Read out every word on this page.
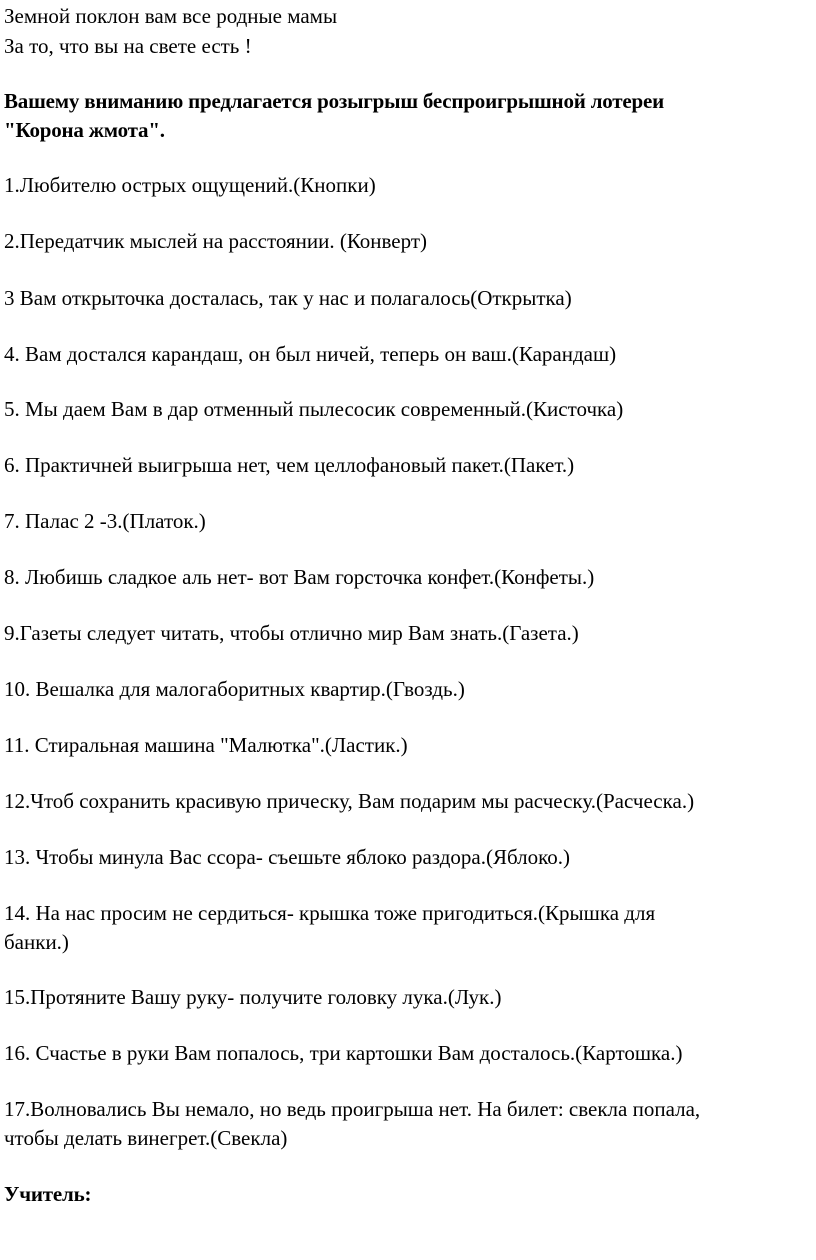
Земной поклон вам все родные мамы
За то, что вы на свете есть !
Вашему вниманию предлагается розыгрыш беспроигрышной лотереи
"Корона жмота".
1.Любителю острых ощущений.(Кнопки)
2.Передатчик мыслей на расстоянии. (Конверт)
3 Вам открыточка досталась, так у нас и полагалось(Открытка)
4. Вам достался карандаш, он был ничей, теперь он ваш.(Карандаш)
5. Мы даем Вам в дар отменный пылесосик современный.(Кисточка)
6. Практичней выигрыша нет, чем целлофановый пакет.(Пакет.)
7. Палас 2 -3.(Платок.)
8. Любишь сладкое аль нет- вот Вам горсточка конфет.(Конфеты.)
9.Газеты следует читать, чтобы отлично мир Вам знать.(Газета.)
10. Вешалка для малогаборитных квартир.(Гвоздь.)
11. Стиральная машина "Малютка".(Ластик.)
12.Чтоб сохранить красивую прическу, Вам подарим мы расческу.(Расческа.)
13. Чтобы минула Вас ссора- съешьте яблоко раздора.(Яблоко.)
14. На нас просим не сердиться- крышка тоже пригодиться.(Крышка для
банки.)
15.Протяните Вашу руку- получите головку лука.(Лук.)
16. Счастье в руки Вам попалось, три картошки Вам досталось.(Картошка.)
17.Волновались Вы немало, но ведь проигрыша нет. На билет: свекла попала,
чтобы делать винегрет.(Свекла)
Учитель:
